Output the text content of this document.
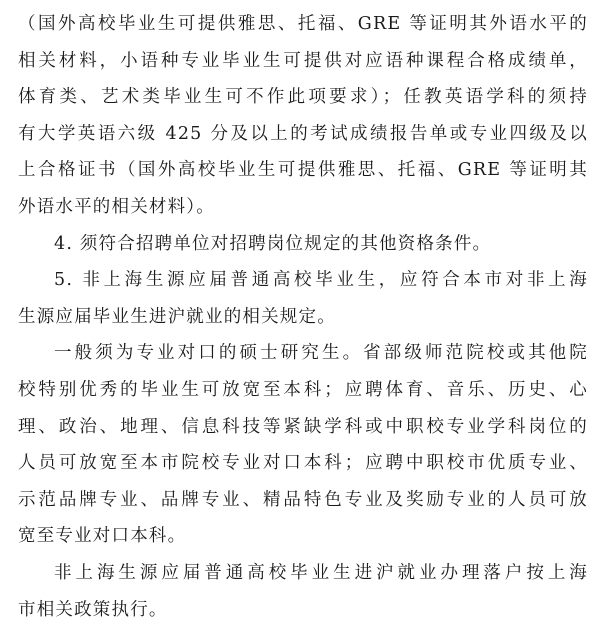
（国外高校毕业生可提供雅思、托福、GRE 等证明其外语水平的
相关材料，小语种专业毕业生可提供对应语种课程合格成绩单，
体育类、艺术类毕业生可不作此项要求）；任教英语学科的须持
有大学英语六级 425 分及以上的考试成绩报告单或专业四级及以
上合格证书（国外高校毕业生可提供雅思、托福、GRE 等证明其
外语水平的相关材料）。
4. 须符合招聘单位对招聘岗位规定的其他资格条件。
5. 非上海生源应届普通高校毕业生，应符合本市对非上海
生源应届毕业生进沪就业的相关规定。
一般须为专业对口的硕士研究生。省部级师范院校或其他院
校特别优秀的毕业生可放宽至本科；应聘体育、音乐、历史、心
理、政治、地理、信息科技等紧缺学科或中职校专业学科岗位的
人员可放宽至本市院校专业对口本科；应聘中职校市优质专业、
示范品牌专业、品牌专业、精品特色专业及奖励专业的人员可放
宽至专业对口本科。
非上海生源应届普通高校毕业生进沪就业办理落户按上海
市相关政策执行。
